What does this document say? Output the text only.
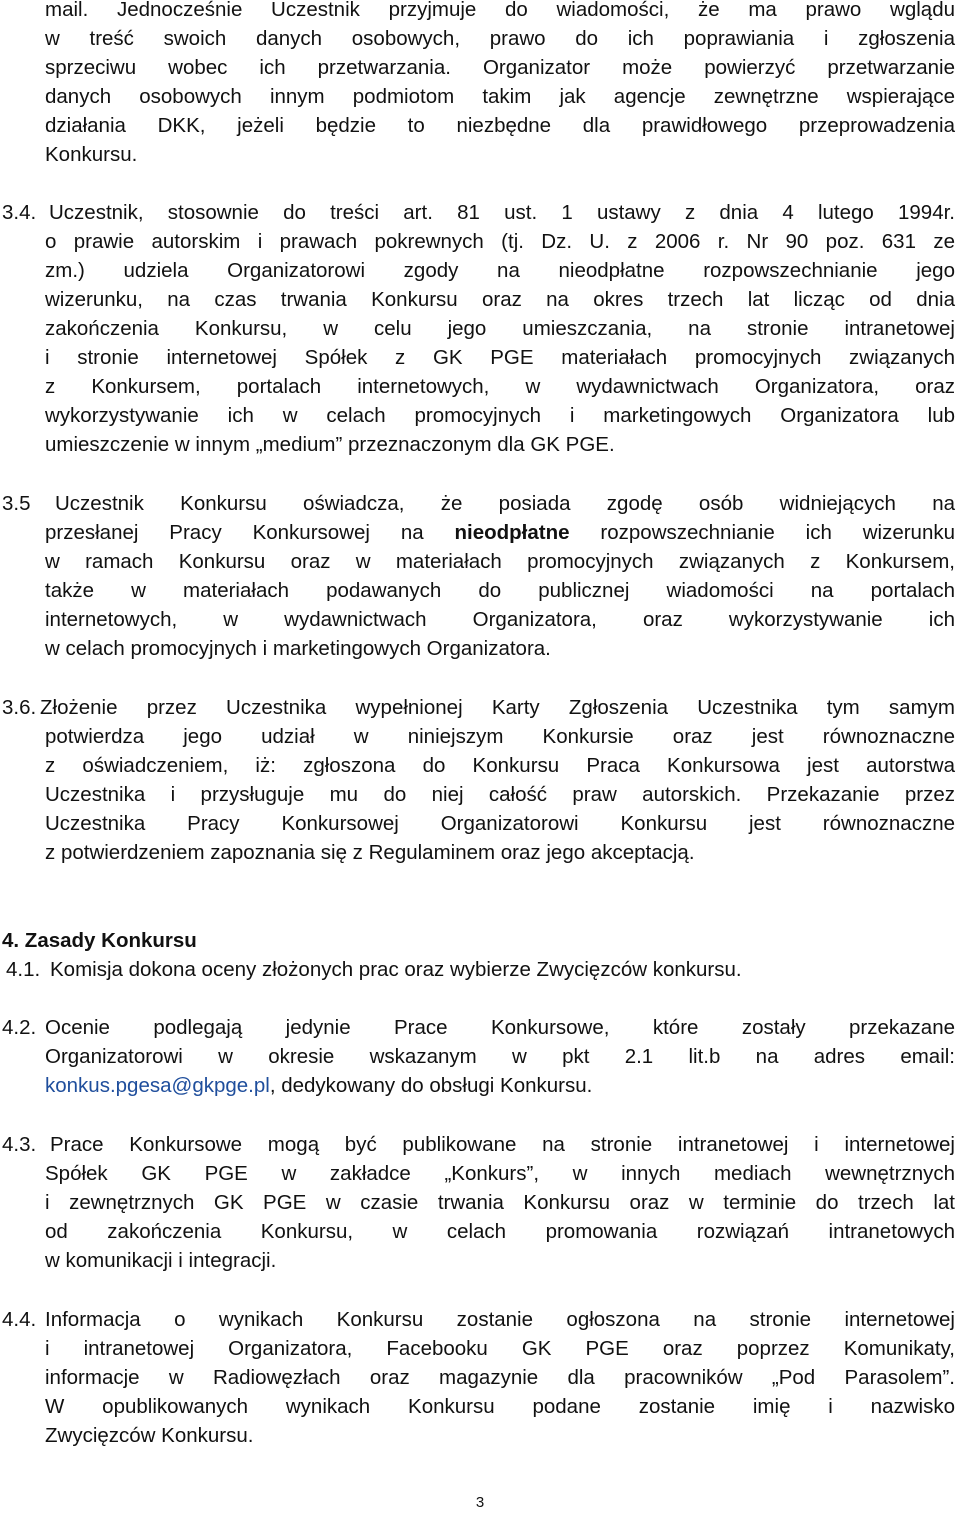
mail. Jednocześnie Uczestnik przyjmuje do wiadomości, że ma prawo wglądu
w treść swoich danych osobowych, prawo do ich poprawiania i zgłoszenia
sprzeciwu wobec ich przetwarzania. Organizator może powierzyć przetwarzanie
danych osobowych innym podmiotom takim jak agencje zewnętrzne wspierające
działania DKK, jeżeli będzie to niezbędne dla prawidłowego przeprowadzenia
Konkursu.
3.4. Uczestnik, stosownie do treści art. 81 ust. 1 ustawy z dnia 4 lutego 1994r.
o prawie autorskim i prawach pokrewnych (tj. Dz. U. z 2006 r. Nr 90 poz. 631 ze
zm.) udziela Organizatorowi zgody na nieodpłatne rozpowszechnianie jego
wizerunku, na czas trwania Konkursu oraz na okres trzech lat licząc od dnia
zakończenia Konkursu, w celu jego umieszczania, na stronie intranetowej
i stronie internetowej Spółek z GK PGE materiałach promocyjnych związanych
z Konkursem, portalach internetowych, w wydawnictwach Organizatora, oraz
wykorzystywanie ich w celach promocyjnych i marketingowych Organizatora lub
umieszczenie w innym „medium” przeznaczonym dla GK PGE.
3.5	Uczestnik Konkursu oświadcza, że posiada zgodę osób widniejących na
przesłanej Pracy Konkursowej na nieodpłatne rozpowszechnianie ich wizerunku
w ramach Konkursu oraz w materiałach promocyjnych związanych z Konkursem,
także w materiałach podawanych do publicznej wiadomości na portalach
internetowych, w wydawnictwach Organizatora, oraz wykorzystywanie ich
w celach promocyjnych i marketingowych Organizatora.
3.6. Złożenie przez Uczestnika wypełnionej Karty Zgłoszenia Uczestnika tym samym
potwierdza jego udział w niniejszym Konkursie oraz jest równoznaczne
z oświadczeniem, iż: zgłoszona do Konkursu Praca Konkursowa jest autorstwa
Uczestnika i przysługuje mu do niej całość praw autorskich. Przekazanie przez
Uczestnika Pracy Konkursowej Organizatorowi Konkursu jest równoznaczne
z potwierdzeniem zapoznania się z Regulaminem oraz jego akceptacją.
4. Zasady Konkursu
4.1. Komisja dokona oceny złożonych prac oraz wybierze Zwycięzców konkursu.
4.2. Ocenie podlegają jedynie Prace Konkursowe, które zostały przekazane
Organizatorowi w okresie wskazanym w pkt 2.1 lit.b na adres email:
konkus.pgesa@gkpge.pl, dedykowany do obsługi Konkursu.
4.3. Prace Konkursowe mogą być publikowane na stronie intranetowej i internetowej
Spółek GK PGE w zakładce „Konkurs”, w innych mediach wewnętrznych
i zewnętrznych GK PGE w czasie trwania Konkursu oraz w terminie do trzech lat
od zakończenia Konkursu, w celach promowania rozwiązań intranetowych
w komunikacji i integracji.
4.4. Informacja o wynikach Konkursu zostanie ogłoszona na stronie internetowej
i intranetowej Organizatora, Facebooku GK PGE oraz poprzez Komunikaty,
informacje w Radiowęzłach oraz magazynie dla pracowników „Pod Parasolem”.
W opublikowanych wynikach Konkursu podane zostanie imię i nazwisko
Zwycięzców Konkursu.
3
